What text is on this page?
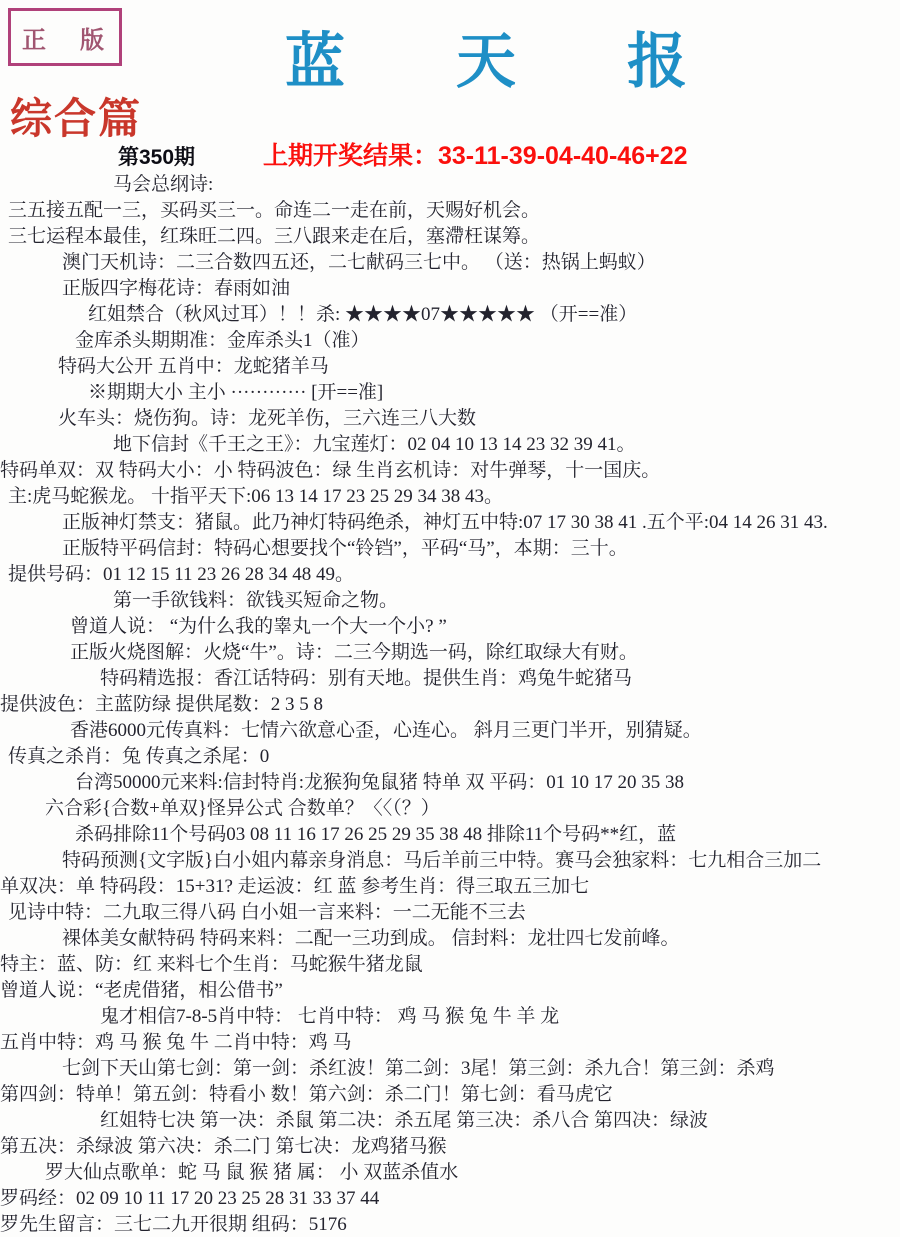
正 版	蓝 天 报
综合篇
第350期	上期开奖结果：33-11-39-04-40-46+22
马会总纲诗:
三五接五配一三，买码买三一。命连二一走在前，天赐好机会。
三七运程本最佳，红珠旺二四。三八跟来走在后，塞滯枉谋筹。
澳门天机诗：二三合数四五还，二七献码三七中。 （送：热锅上蚂蚁）
正版四字梅花诗：春雨如油
红姐禁合（秋风过耳）！！杀: ★★★★07★★★★★ （开==准）
金库杀头期期准：金库杀头1（准）
特码大公开 五肖中：龙蛇猪羊马
※期期大小 主小 ············ [开==准]
火车头：烧伤狗。诗：龙死羊伤，三六连三八大数
地下信封《千王之王》：九宝莲灯：02 04 10 13 14 23 32 39 41。
特码单双：双 特码大小：小 特码波色：绿 生肖玄机诗：对牛弹琴，十一国庆。
主:虎马蛇猴龙。 十指平天下:06 13 14 17 23 25 29 34 38 43。
正版神灯禁支：猪鼠。此乃神灯特码绝杀，神灯五中特:07 17 30 38 41 .五个平:04 14 26 31 43.
正版特平码信封：特码心想要找个“铃铛”，平码“马”，本期：三十。
提供号码：01 12 15 11 23 26 28 34 48 49。
第一手欲钱料：欲钱买短命之物。
曾道人说： “为什么我的睾丸一个大一个小? ”
正版火烧图解：火烧“牛”。诗：二三今期选一码，除红取绿大有财。
特码精选报：香江话特码：别有天地。提供生肖：鸡兔牛蛇猪马
提供波色：主蓝防绿 提供尾数：2 3 5 8
香港6000元传真料：七情六欲意心歪，心连心。 斜月三更门半开，别猜疑。
传真之杀肖：兔 传真之杀尾：0
台湾50000元来料:信封特肖:龙猴狗兔鼠猪 特单 双 平码：01 10 17 20 35 38
六合彩{合数+单双}怪异公式 合数单？〈〈（？）
杀码排除11个号码03 08 11 16 17 26 25 29 35 38 48 排除11个号码**红，蓝
特码预测{文字版}白小姐内幕亲身消息：马后羊前三中特。赛马会独家料：七九相合三加二
单双决：单 特码段：15+31? 走运波：红 蓝 参考生肖：得三取五三加七
见诗中特：二九取三得八码 白小姐一言来料：一二无能不三去
裸体美女献特码 特码来料：二配一三功到成。 信封料：龙壮四七发前峰。
特主：蓝、防：红 来料七个生肖：马蛇猴牛猪龙鼠
曾道人说：“老虎借猪，相公借书”
鬼才相信7-8-5肖中特： 七肖中特： 鸡 马 猴 兔 牛 羊 龙
五肖中特：鸡 马 猴 兔 牛 二肖中特：鸡 马
七剑下天山第七剑：第一剑：杀红波！第二剑：3尾！第三剑：杀九合！第三剑：杀鸡
第四剑：特单！第五剑：特看小 数！第六剑：杀二门！第七剑：看马虎它
红姐特七决 第一决：杀鼠 第二决：杀五尾 第三决：杀八合 第四决：绿波
第五决：杀绿波 第六决：杀二门 第七决：龙鸡猪马猴
罗大仙点歌单：蛇 马 鼠 猴 猪 属： 小 双蓝杀值水
罗码经：02 09 10 11 17 20 23 25 28 31 33 37 44
罗先生留言：三七二九开很期 组码：5176
